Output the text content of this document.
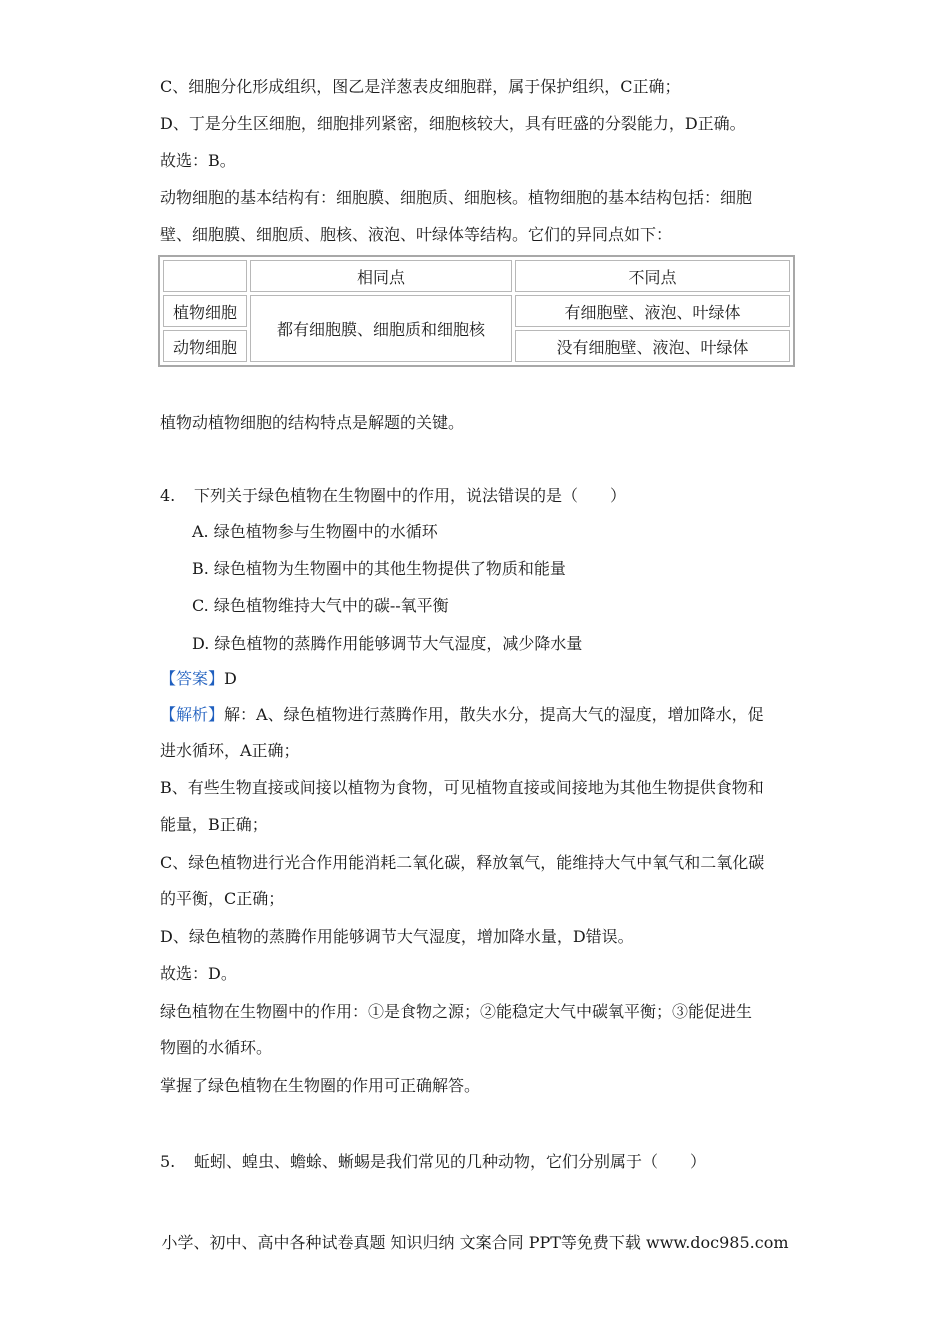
C、细胞分化形成组织，图乙是洋葱表皮细胞群，属于保护组织，C正确；
D、丁是分生区细胞，细胞排列紧密，细胞核较大，具有旺盛的分裂能力，D正确。
故选：B。
动物细胞的基本结构有：细胞膜、细胞质、细胞核。植物细胞的基本结构包括：细胞
壁、细胞膜、细胞质、胞核、液泡、叶绿体等结构。它们的异同点如下：
	相同点	不同点
植物细胞	都有细胞膜、细胞质和细胞核	有细胞壁、液泡、叶绿体
动物细胞		没有细胞壁、液泡、叶绿体
植物动植物细胞的结构特点是解题的关键。
4. 下列关于绿色植物在生物圈中的作用，说法错误的是（　　）
A. 绿色植物参与生物圈中的水循环
B. 绿色植物为生物圈中的其他生物提供了物质和能量
C. 绿色植物维持大气中的碳--氧平衡
D. 绿色植物的蒸腾作用能够调节大气湿度，减少降水量
【答案】D
【解析】解：A、绿色植物进行蒸腾作用，散失水分，提高大气的湿度，增加降水，促
进水循环，A正确；
B、有些生物直接或间接以植物为食物，可见植物直接或间接地为其他生物提供食物和
能量，B正确；
C、绿色植物进行光合作用能消耗二氧化碳，释放氧气，能维持大气中氧气和二氧化碳
的平衡，C正确；
D、绿色植物的蒸腾作用能够调节大气湿度，增加降水量，D错误。
故选：D。
绿色植物在生物圈中的作用：①是食物之源；②能稳定大气中碳氧平衡；③能促进生
物圈的水循环。
掌握了绿色植物在生物圈的作用可正确解答。
5. 蚯蚓、蝗虫、蟾蜍、蜥蜴是我们常见的几种动物，它们分别属于（　　）
小学、初中、高中各种试卷真题 知识归纳 文案合同 PPT等免费下载 www.doc985.com
